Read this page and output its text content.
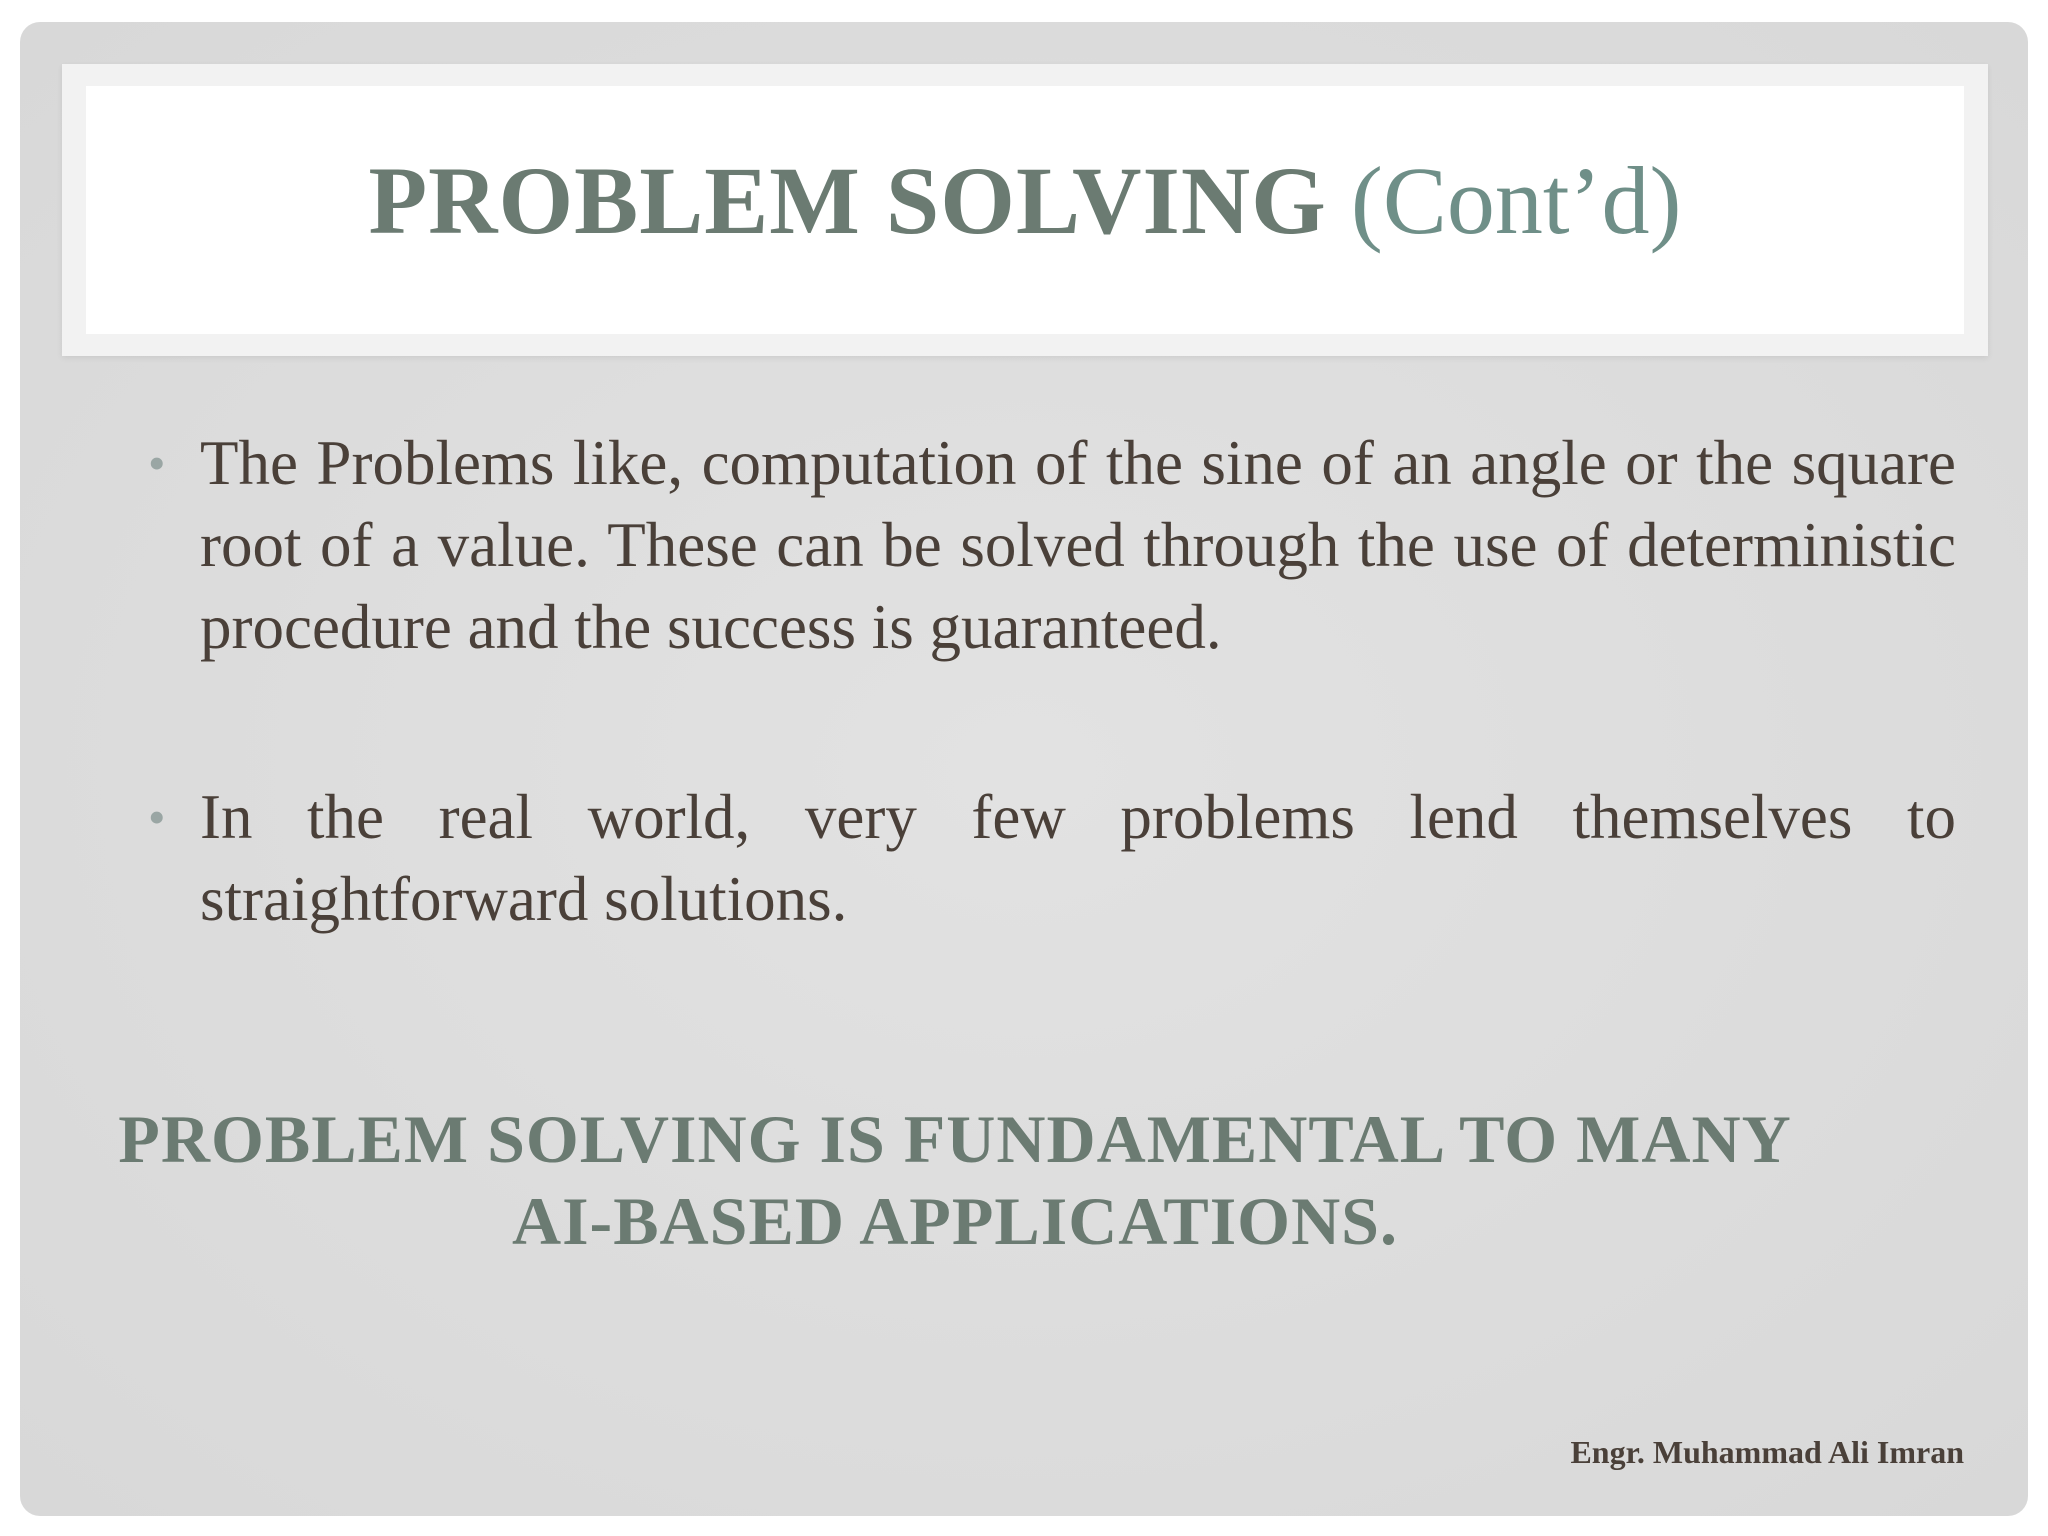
PROBLEM SOLVING (Cont’d)
• The Problems like, computation of the sine of an angle or the square root of a value. These can be solved through the use of deterministic procedure and the success is guaranteed.
• In the real world, very few problems lend themselves to straightforward solutions.
PROBLEM SOLVING IS FUNDAMENTAL TO MANY
AI-BASED APPLICATIONS.
Engr. Muhammad Ali Imran
